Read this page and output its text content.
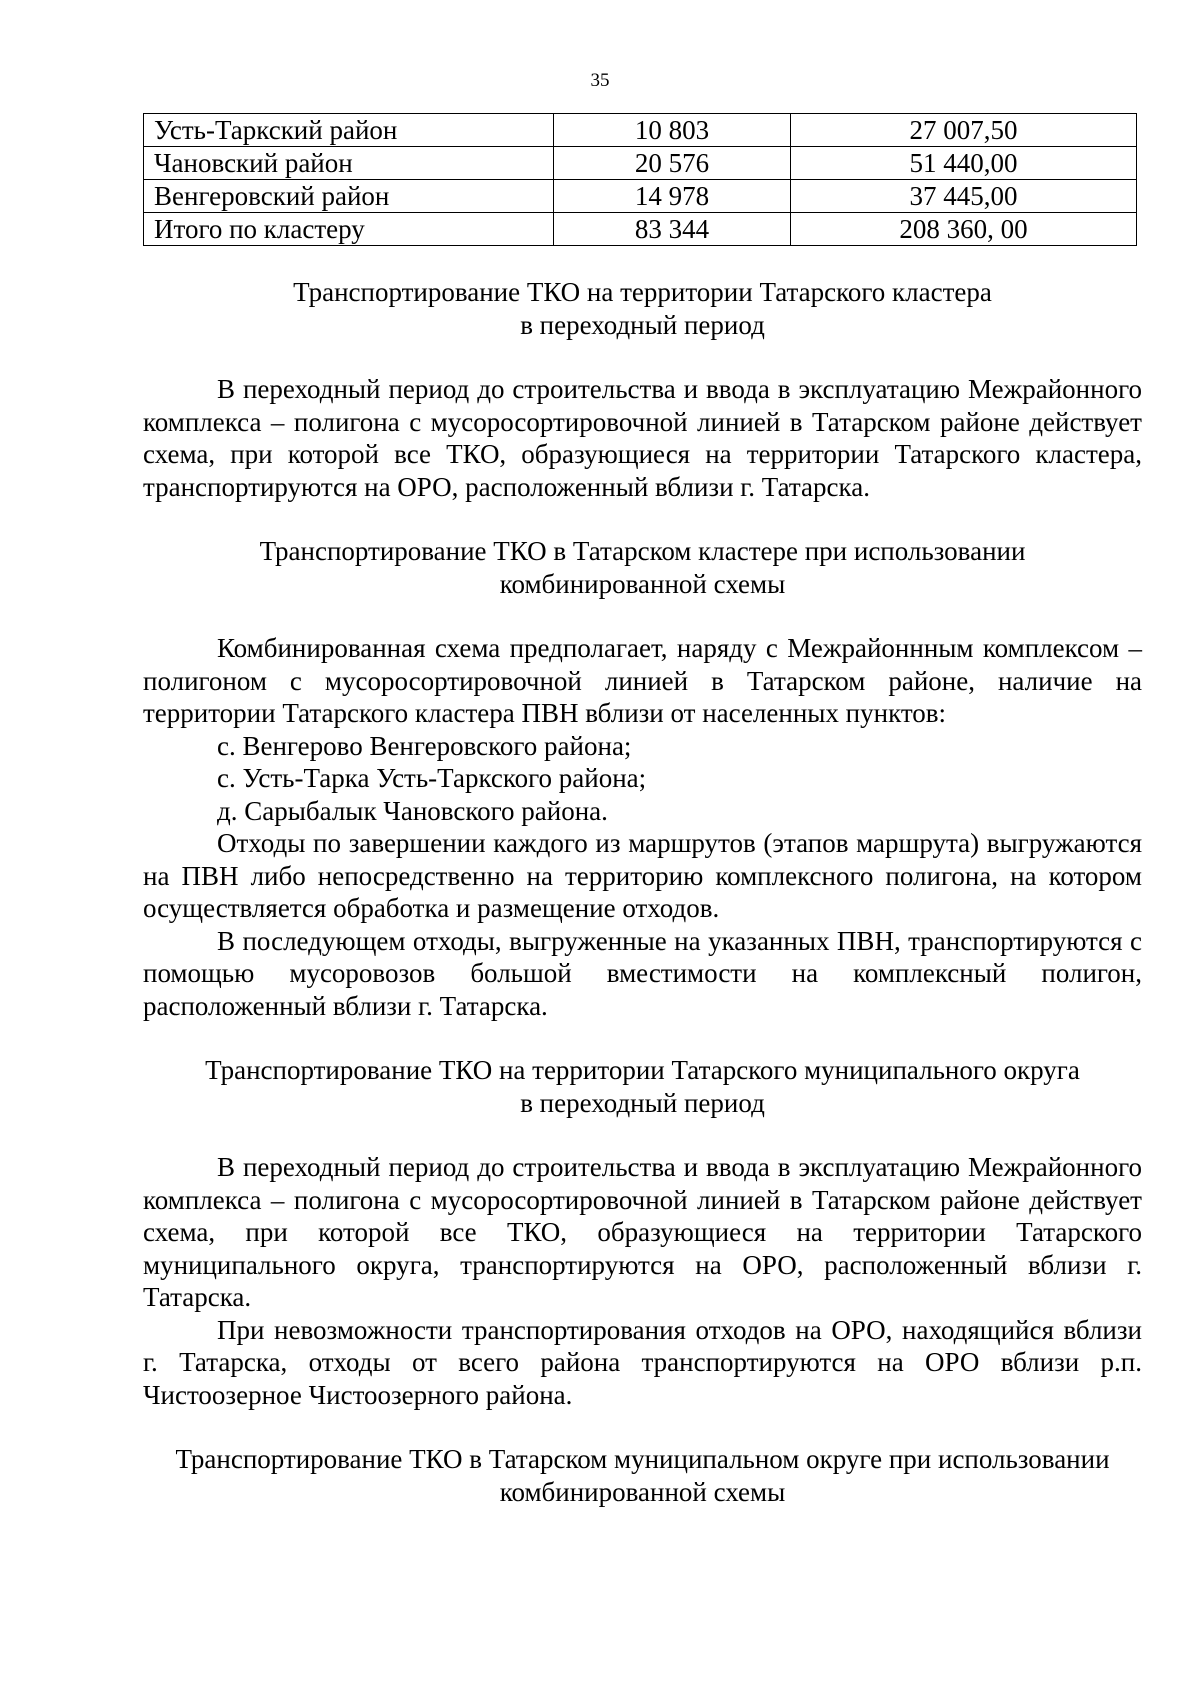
35
Усть-Таркский район	10 803	27 007,50
Чановский район	20 576	51 440,00
Венгеровский район	14 978	37 445,00
Итого по кластеру	83 344	208 360, 00

Транспортирование ТКО на территории Татарского кластера

в переходный период

В переходный период до строительства и ввода в эксплуатацию Межрайонного комплекса – полигона с мусоросортировочной линией в Татарском районе действует схема, при которой все ТКО, образующиеся на территории Татарского кластера, транспортируются на ОРО, расположенный вблизи г. Татарска.

Транспортирование ТКО в Татарском кластере при использовании

комбинированной схемы

Комбинированная схема предполагает, наряду с Межрайоннным комплексом – полигоном с мусоросортировочной линией в Татарском районе, наличие на территории Татарского кластера ПВН вблизи от населенных пунктов:

с. Венгерово Венгеровского района;

с. Усть-Тарка Усть-Таркского района;

д. Сарыбалык Чановского района.

Отходы по завершении каждого из маршрутов (этапов маршрута) выгружаются на ПВН либо непосредственно на территорию комплексного полигона, на котором осуществляется обработка и размещение отходов.

В последующем отходы, выгруженные на указанных ПВН, транспортируются с помощью мусоровозов большой вместимости на комплексный полигон, расположенный вблизи г. Татарска.

Транспортирование ТКО на территории Татарского муниципального округа

в переходный период

В переходный период до строительства и ввода в эксплуатацию Межрайонного комплекса – полигона с мусоросортировочной линией в Татарском районе действует схема, при которой все ТКО, образующиеся на территории Татарского муниципального округа, транспортируются на ОРО, расположенный вблизи г. Татарска.

При невозможности транспортирования отходов на ОРО, находящийся вблизи г. Татарска, отходы от всего района транспортируются на ОРО вблизи р.п. Чистоозерное Чистоозерного района.

Транспортирование ТКО в Татарском муниципальном округе при использовании

комбинированной схемы
